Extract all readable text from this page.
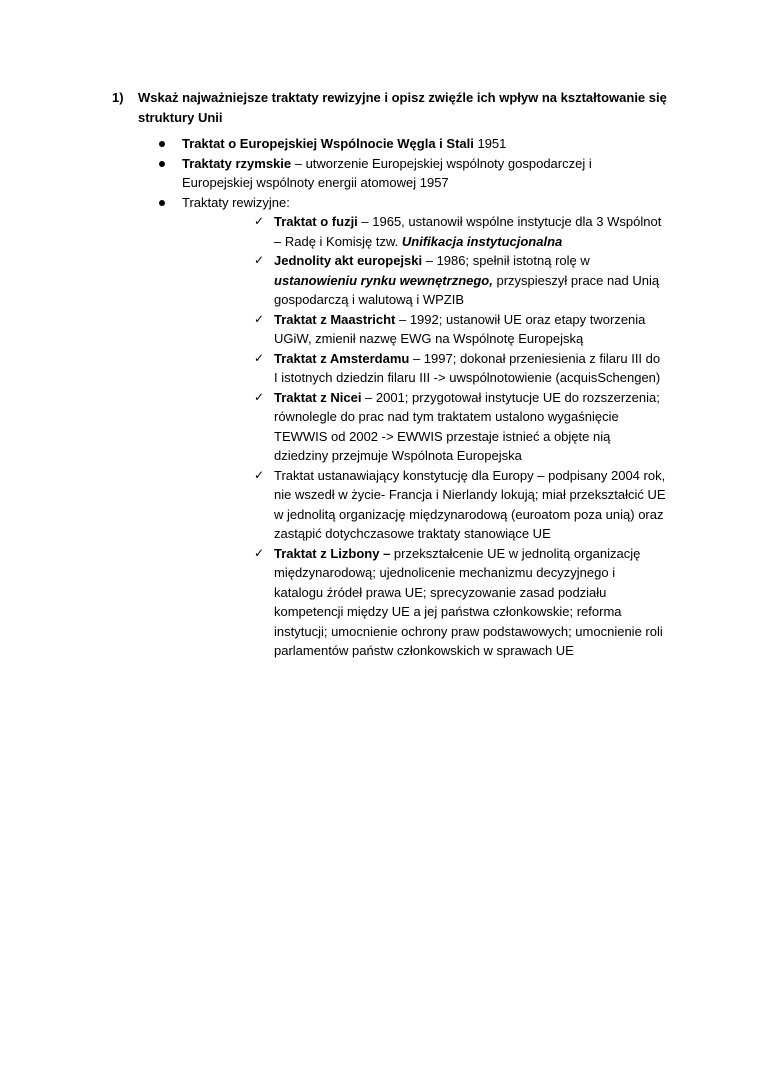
1)	Wskaż najważniejsze traktaty rewizyjne i opisz zwięźle ich wpływ na kształtowanie się struktury Unii
Traktat o Europejskiej Wspólnocie Węgla i Stali 1951
Traktaty rzymskie – utworzenie Europejskiej wspólnoty gospodarczej i Europejskiej wspólnoty energii atomowej 1957
Traktaty rewizyjne:
✓ Traktat o fuzji – 1965, ustanowił wspólne instytucje dla 3 Wspólnot – Radę i Komisję tzw. Unifikacja instytucjonalna
✓ Jednolity akt europejski – 1986; spełnił istotną rolę w ustanowieniu rynku wewnętrznego, przyspieszył prace nad Unią gospodarczą i walutową i WPZIB
✓ Traktat z Maastricht – 1992; ustanowił UE oraz etapy tworzenia UGiW, zmienił nazwę EWG na Wspólnotę Europejską
✓ Traktat z Amsterdamu – 1997; dokonał przeniesienia z filaru III do I istotnych dziedzin filaru III -> uwspólnotowienie (acquisSchengen)
✓ Traktat z Nicei – 2001; przygotował instytucje UE do rozszerzenia; równolegle do prac nad tym traktatem ustalono wygaśnięcie TEWWIS od 2002 -> EWWIS przestaje istnieć a objęte nią dziedziny przejmuje Wspólnota Europejska
✓ Traktat ustanawiający konstytucję dla Europy – podpisany 2004 rok, nie wszedł w życie- Francja i Nierlandy lokują; miał przekształcić UE w jednolitą organizację międzynarodową (euroatom poza unią) oraz zastąpić dotychczasowe traktaty stanowiące UE
✓ Traktat z Lizbony – przekształcenie UE w jednolitą organizację międzynarodową; ujednolicenie mechanizmu decyzyjnego i katalogu źródeł prawa UE; sprecyzowanie zasad podziału kompetencji między UE a jej państwa członkowskie; reforma instytucji; umocnienie ochrony praw podstawowych; umocnienie roli parlamentów państw członkowskich w sprawach UE
